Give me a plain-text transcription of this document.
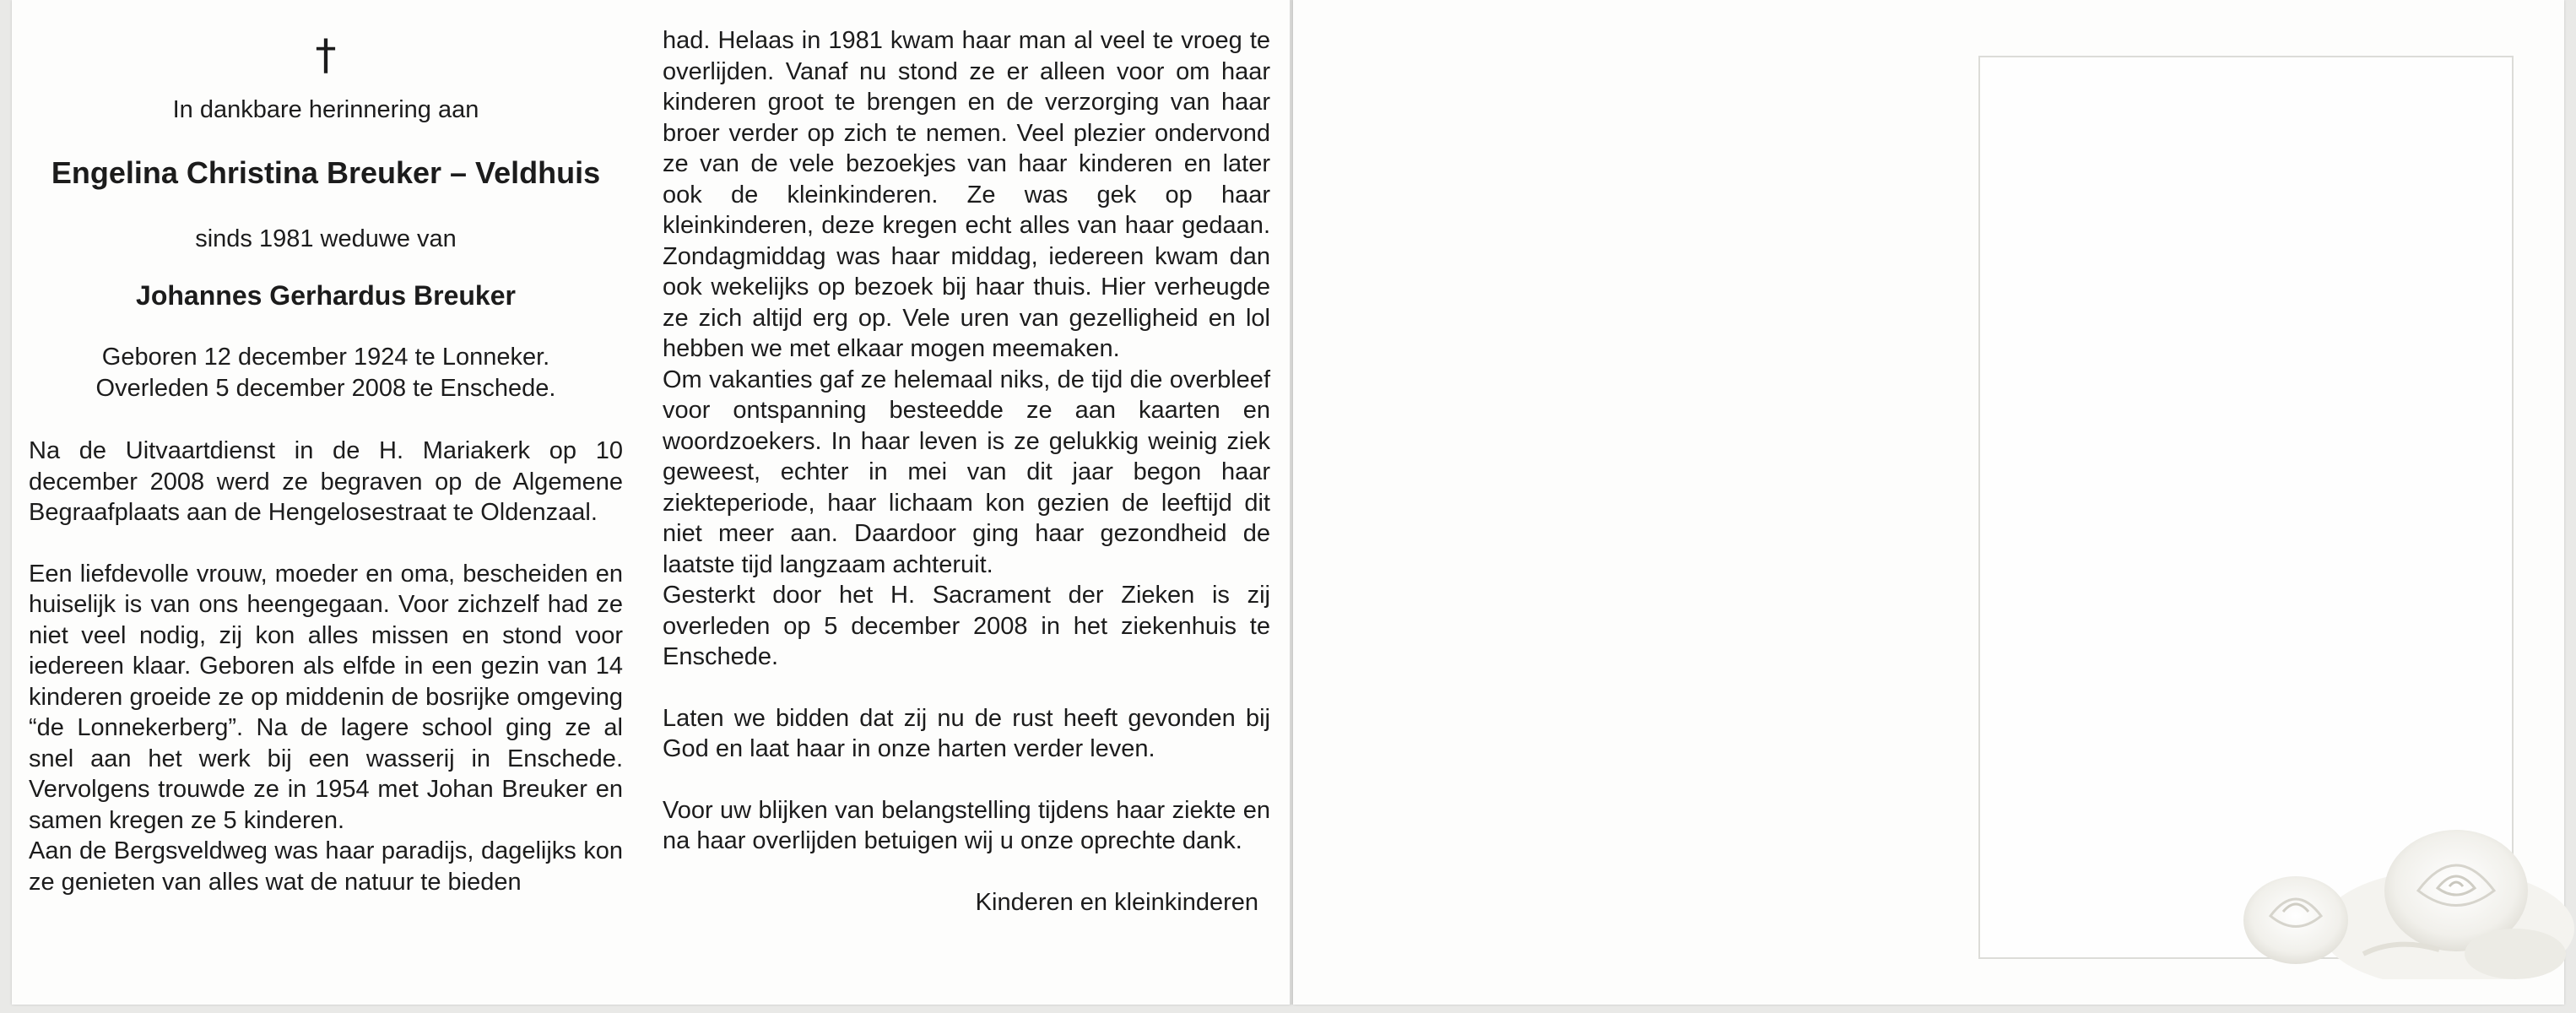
†

In dankbare herinnering aan

Engelina Christina Breuker – Veldhuis

sinds 1981 weduwe van

Johannes Gerhardus Breuker

Geboren 12 december 1924 te Lonneker.
Overleden 5 december 2008 te Enschede.

Na de Uitvaartdienst in de H. Mariakerk op 10 december 2008 werd ze begraven op de Algemene Begraafplaats aan de Hengelosestraat te Oldenzaal.

Een liefdevolle vrouw, moeder en oma, bescheiden en huiselijk is van ons heengegaan. Voor zichzelf had ze niet veel nodig, zij kon alles missen en stond voor iedereen klaar. Geboren als elfde in een gezin van 14 kinderen groeide ze op middenin de bosrijke omgeving “de Lonnekerberg”. Na de lagere school ging ze al snel aan het werk bij een wasserij in Enschede. Vervolgens trouwde ze in 1954 met Johan Breuker en samen kregen ze 5 kinderen.

Aan de Bergsveldweg was haar paradijs, dagelijks kon ze genieten van alles wat de natuur te bieden

had. Helaas in 1981 kwam haar man al veel te vroeg te overlijden. Vanaf nu stond ze er alleen voor om haar kinderen groot te brengen en de verzorging van haar broer verder op zich te nemen. Veel plezier ondervond ze van de vele bezoekjes van haar kinderen en later ook de kleinkinderen. Ze was gek op haar kleinkinderen, deze kregen echt alles van haar gedaan. Zondagmiddag was haar middag, iedereen kwam dan ook wekelijks op bezoek bij haar thuis. Hier verheugde ze zich altijd erg op. Vele uren van gezelligheid en lol hebben we met elkaar mogen meemaken.

Om vakanties gaf ze helemaal niks, de tijd die overbleef voor ontspanning besteedde ze aan kaarten en woordzoekers. In haar leven is ze gelukkig weinig ziek geweest, echter in mei van dit jaar begon haar ziekteperiode, haar lichaam kon gezien de leeftijd dit niet meer aan. Daardoor ging haar gezondheid de laatste tijd langzaam achteruit.

Gesterkt door het H. Sacrament der Zieken is zij overleden op 5 december 2008 in het ziekenhuis te Enschede.

Laten we bidden dat zij nu de rust heeft gevonden bij God en laat haar in onze harten verder leven.

Voor uw blijken van belangstelling tijdens haar ziekte en na haar overlijden betuigen wij u onze oprechte dank.

Kinderen en kleinkinderen
